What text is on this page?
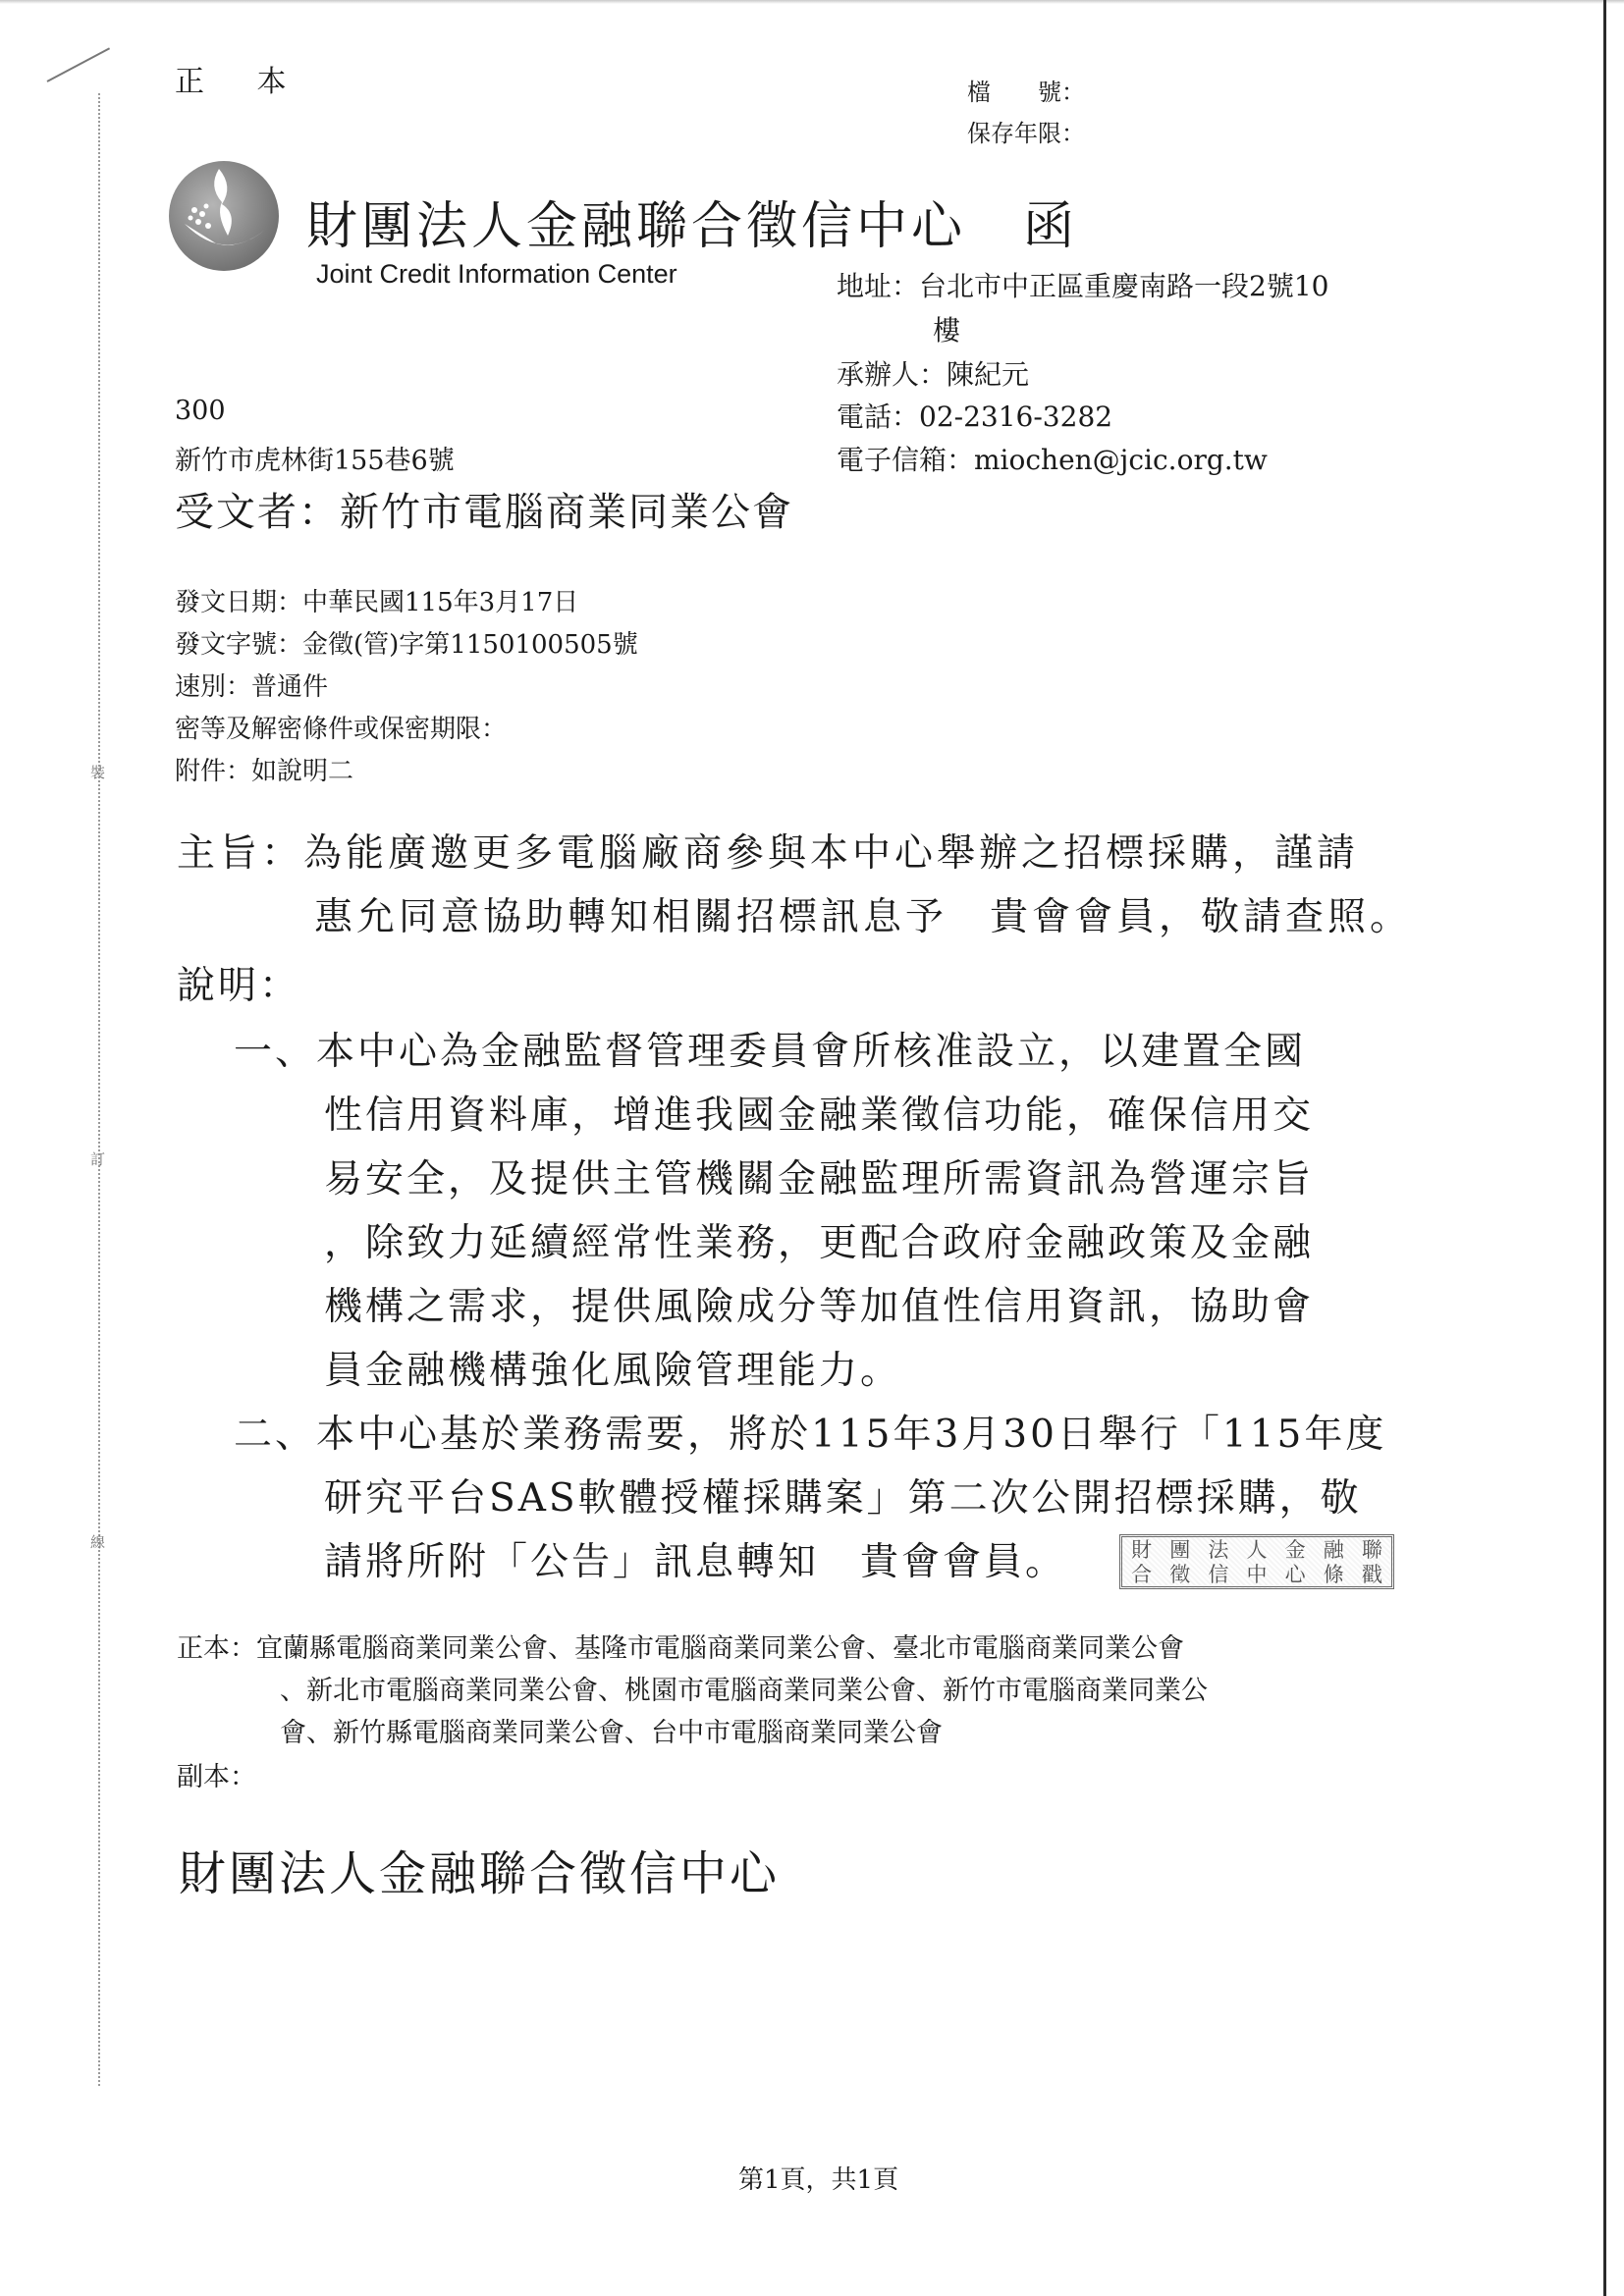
裝
訂
線
正 本	檔　　號：
保存年限：
財團法人金融聯合徵信中心 函
Joint Credit Information Center	地址：台北市中正區重慶南路一段2號10
樓
承辦人：陳紀元
電話：02-2316-3282
電子信箱：miochen@jcic.org.tw
300
新竹市虎林街155巷6號
受文者：新竹市電腦商業同業公會
發文日期：中華民國115年3月17日
發文字號：金徵(管)字第1150100505號
速別：普通件
密等及解密條件或保密期限：
附件：如說明二
主旨：為能廣邀更多電腦廠商參與本中心舉辦之招標採購，謹請
惠允同意協助轉知相關招標訊息予　貴會會員，敬請查照。
說明：
一、本中心為金融監督管理委員會所核准設立，以建置全國
性信用資料庫，增進我國金融業徵信功能，確保信用交
易安全，及提供主管機關金融監理所需資訊為營運宗旨
，除致力延續經常性業務，更配合政府金融政策及金融
機構之需求，提供風險成分等加值性信用資訊，協助會
員金融機構強化風險管理能力。
二、本中心基於業務需要，將於115年3月30日舉行「115年度
研究平台SAS軟體授權採購案」第二次公開招標採購，敬
請將所附「公告」訊息轉知　貴會會員。	財 團 法 人 金 融 聯
合 徵 信 中 心 條 戳
正本：宜蘭縣電腦商業同業公會、基隆市電腦商業同業公會、臺北市電腦商業同業公會
、新北市電腦商業同業公會、桃園市電腦商業同業公會、新竹市電腦商業同業公
會、新竹縣電腦商業同業公會、台中市電腦商業同業公會
副本：
財團法人金融聯合徵信中心
第1頁，共1頁
